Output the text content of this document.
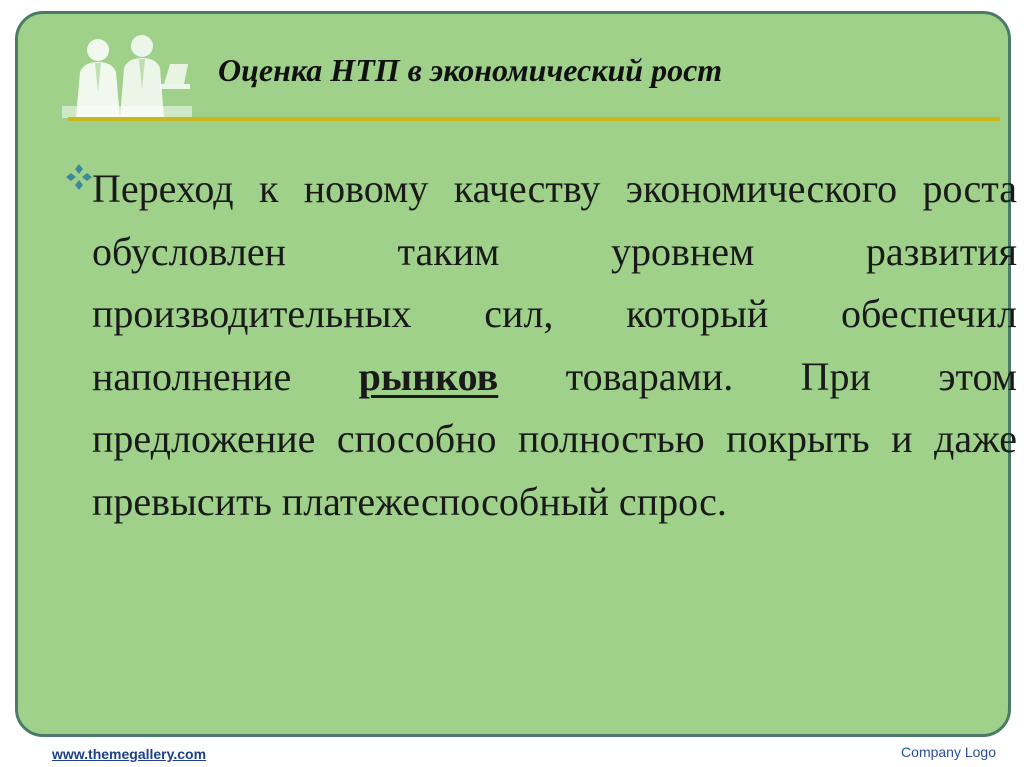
Оценка НТП в экономический рост

Переход к новому качеству экономического роста обусловлен таким уровнем развития производительных сил, который обеспечил наполнение рынков товарами. При этом предложение способно полностью покрыть и даже превысить платежеспособный спрос.

www.themegallery.com	Company Logo
